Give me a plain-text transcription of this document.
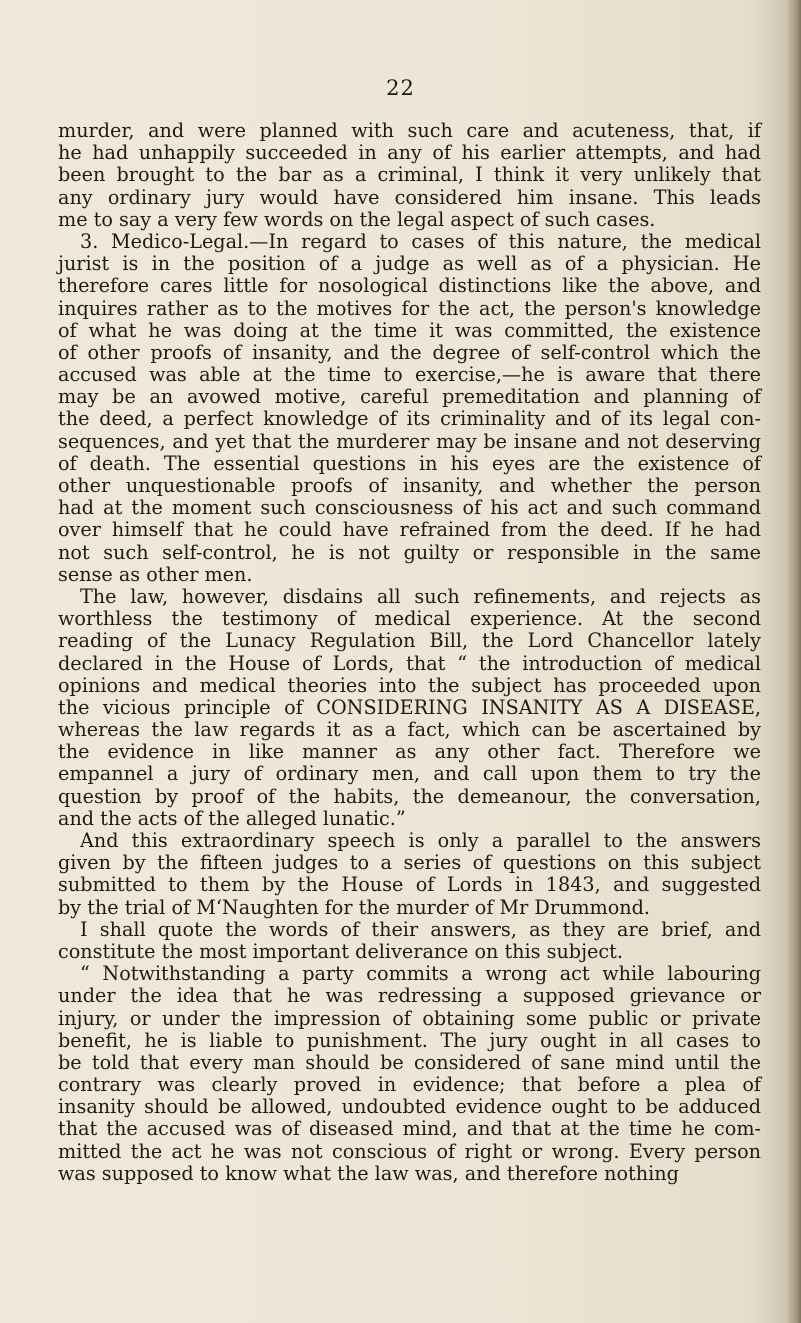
22
murder, and were planned with such care and acuteness, that, if
he had unhappily succeeded in any of his earlier attempts, and had
been brought to the bar as a criminal, I think it very unlikely that
any ordinary jury would have considered him insane. This leads
me to say a very few words on the legal aspect of such cases.
3. Medico-Legal.—In regard to cases of this nature, the medical
jurist is in the position of a judge as well as of a physician. He
therefore cares little for nosological distinctions like the above, and
inquires rather as to the motives for the act, the person's knowledge
of what he was doing at the time it was committed, the existence
of other proofs of insanity, and the degree of self-control which the
accused was able at the time to exercise,—he is aware that there
may be an avowed motive, careful premeditation and planning of
the deed, a perfect knowledge of its criminality and of its legal con-
sequences, and yet that the murderer may be insane and not deserving
of death. The essential questions in his eyes are the existence of
other unquestionable proofs of insanity, and whether the person
had at the moment such consciousness of his act and such command
over himself that he could have refrained from the deed. If he had
not such self-control, he is not guilty or responsible in the same
sense as other men.
The law, however, disdains all such refinements, and rejects as
worthless the testimony of medical experience. At the second
reading of the Lunacy Regulation Bill, the Lord Chancellor lately
declared in the House of Lords, that “ the introduction of medical
opinions and medical theories into the subject has proceeded upon
the vicious principle of CONSIDERING INSANITY AS A DISEASE,
whereas the law regards it as a fact, which can be ascertained by
the evidence in like manner as any other fact. Therefore we
empannel a jury of ordinary men, and call upon them to try the
question by proof of the habits, the demeanour, the conversation,
and the acts of the alleged lunatic.”
And this extraordinary speech is only a parallel to the answers
given by the fifteen judges to a series of questions on this subject
submitted to them by the House of Lords in 1843, and suggested
by the trial of M‘Naughten for the murder of Mr Drummond.
I shall quote the words of their answers, as they are brief, and
constitute the most important deliverance on this subject.
“ Notwithstanding a party commits a wrong act while labouring
under the idea that he was redressing a supposed grievance or
injury, or under the impression of obtaining some public or private
benefit, he is liable to punishment. The jury ought in all cases to
be told that every man should be considered of sane mind until the
contrary was clearly proved in evidence; that before a plea of
insanity should be allowed, undoubted evidence ought to be adduced
that the accused was of diseased mind, and that at the time he com-
mitted the act he was not conscious of right or wrong. Every person
was supposed to know what the law was, and therefore nothing
